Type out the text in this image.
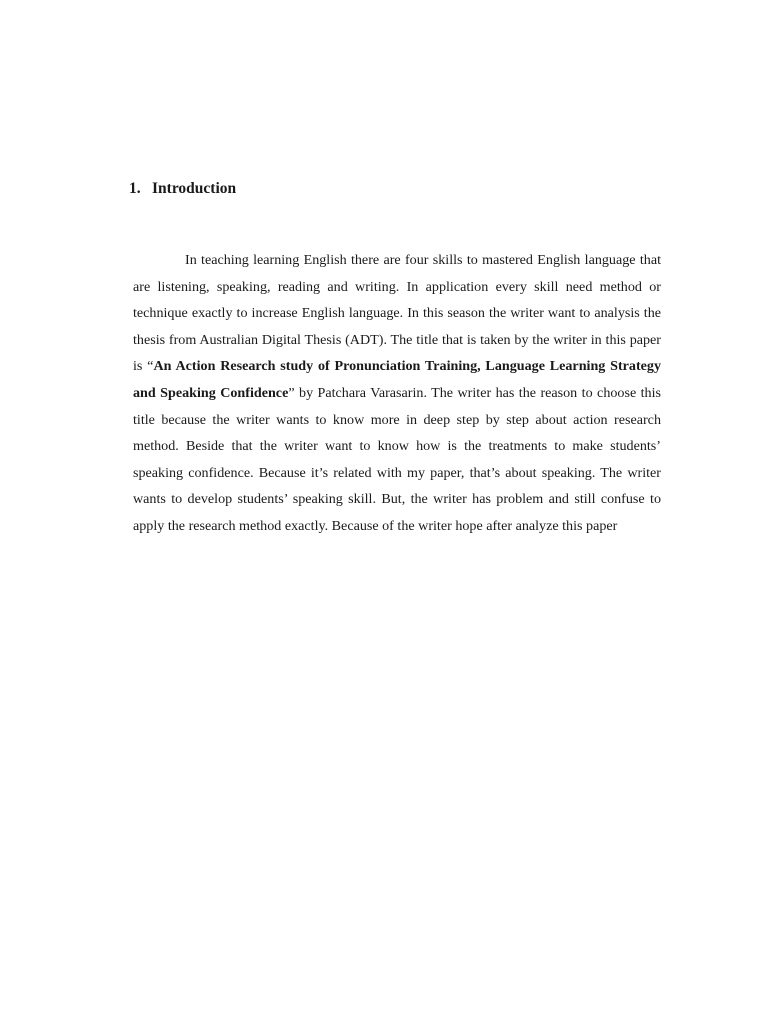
1. Introduction

In teaching learning English there are four skills to mastered English language that are listening, speaking, reading and writing. In application every skill need method or technique exactly to increase English language. In this season the writer want to analysis the thesis from Australian Digital Thesis (ADT). The title that is taken by the writer in this paper is “An Action Research study of Pronunciation Training, Language Learning Strategy and Speaking Confidence” by Patchara Varasarin. The writer has the reason to choose this title because the writer wants to know more in deep step by step about action research method. Beside that the writer want to know how is the treatments to make students’ speaking confidence. Because it’s related with my paper, that’s about speaking. The writer wants to develop students’ speaking skill. But, the writer has problem and still confuse to apply the research method exactly. Because of the writer hope after analyze this paper
